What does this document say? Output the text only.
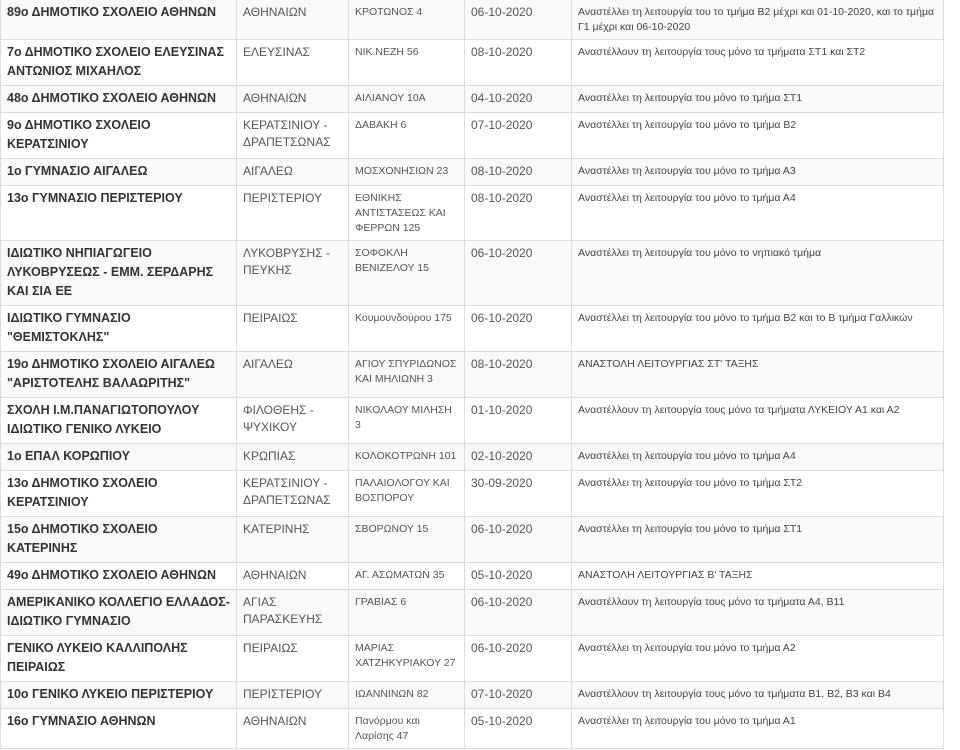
89ο ΔΗΜΟΤΙΚΟ ΣΧΟΛΕΙΟ ΑΘΗΝΩΝ	ΑΘΗΝΑΙΩΝ	ΚΡΟΤΩΝΟΣ 4	06-10-2020	Αναστέλλει τη λειτουργία του το τμήμα Β2 μέχρι και 01-10-2020, και το τμήμα Γ1 μέχρι και 06-10-2020
7ο ΔΗΜΟΤΙΚΟ ΣΧΟΛΕΙΟ ΕΛΕΥΣΙΝΑΣ ΑΝΤΩΝΙΟΣ ΜΙΧΑΗΛΟΣ	ΕΛΕΥΣΙΝΑΣ	ΝΙΚ.ΝΕΖΗ 56	08-10-2020	Αναστέλλουν τη λειτουργία τους μόνο τα τμήματα ΣΤ1 και ΣΤ2
48ο ΔΗΜΟΤΙΚΟ ΣΧΟΛΕΙΟ ΑΘΗΝΩΝ	ΑΘΗΝΑΙΩΝ	ΑΙΛΙΑΝΟΥ 10Α	04-10-2020	Αναστέλλει τη λειτουργία του μόνο το τμήμα ΣΤ1
9ο ΔΗΜΟΤΙΚΟ ΣΧΟΛΕΙΟ ΚΕΡΑΤΣΙΝΙΟΥ	ΚΕΡΑΤΣΙΝΙΟΥ - ΔΡΑΠΕΤΣΩΝΑΣ	ΔΑΒΑΚΗ 6	07-10-2020	Αναστέλλει τη λειτουργία του μόνο το τμήμα Β2
1ο ΓΥΜΝΑΣΙΟ ΑΙΓΑΛΕΩ	ΑΙΓΑΛΕΩ	ΜΟΣΧΟΝΗΣΙΩΝ 23	08-10-2020	Αναστέλλει τη λειτουργία του μόνο το τμήμα Α3
13ο ΓΥΜΝΑΣΙΟ ΠΕΡΙΣΤΕΡΙΟΥ	ΠΕΡΙΣΤΕΡΙΟΥ	ΕΘΝΙΚΗΣ ΑΝΤΙΣΤΑΣΕΩΣ ΚΑΙ ΦΕΡΡΩΝ 125	08-10-2020	Αναστέλλει τη λειτουργία του μόνο το τμήμα Α4
ΙΔΙΩΤΙΚΟ ΝΗΠΙΑΓΩΓΕΙΟ ΛΥΚΟΒΡΥΣΕΩΣ - ΕΜΜ. ΣΕΡΔΑΡΗΣ ΚΑΙ ΣΙΑ ΕΕ	ΛΥΚΟΒΡΥΣΗΣ - ΠΕΥΚΗΣ	ΣΟΦΟΚΛΗ ΒΕΝΙΖΕΛΟΥ 15	06-10-2020	Αναστέλλει τη λειτουργία του μόνο το νηπιακό τμήμα
ΙΔΙΩΤΙΚΟ ΓΥΜΝΑΣΙΟ "ΘΕΜΙΣΤΟΚΛΗΣ"	ΠΕΙΡΑΙΩΣ	Κουμουνδούρου 175	06-10-2020	Αναστέλλει τη λειτουργία του μόνο το τμήμα Β2 και το Β τμήμα Γαλλικών
19ο ΔΗΜΟΤΙΚΟ ΣΧΟΛΕΙΟ ΑΙΓΑΛΕΩ "ΑΡΙΣΤΟΤΕΛΗΣ ΒΑΛΑΩΡΙΤΗΣ"	ΑΙΓΑΛΕΩ	ΑΓΙΟΥ ΣΠΥΡΙΔΩΝΟΣ ΚΑΙ ΜΗΛΙΩΝΗ 3	08-10-2020	ΑΝΑΣΤΟΛΗ ΛΕΙΤΟΥΡΓΙΑΣ ΣΤ' ΤΑΞΗΣ
ΣΧΟΛΗ Ι.Μ.ΠΑΝΑΓΙΩΤΟΠΟΥΛΟΥ ΙΔΙΩΤΙΚΟ ΓΕΝΙΚΟ ΛΥΚΕΙΟ	ΦΙΛΟΘΕΗΣ - ΨΥΧΙΚΟΥ	ΝΙΚΟΛΑΟΥ ΜΙΛΗΣΗ 3	01-10-2020	Αναστέλλουν τη λειτουργία τους μόνο τα τμήματα ΛΥΚΕΙΟΥ Α1 και Α2
1ο ΕΠΑΛ ΚΟΡΩΠΙΟΥ	ΚΡΩΠΙΑΣ	ΚΟΛΟΚΟΤΡΩΝΗ 101	02-10-2020	Αναστέλλει τη λειτουργία του μόνο το τμήμα Α4
13ο ΔΗΜΟΤΙΚΟ ΣΧΟΛΕΙΟ ΚΕΡΑΤΣΙΝΙΟΥ	ΚΕΡΑΤΣΙΝΙΟΥ - ΔΡΑΠΕΤΣΩΝΑΣ	ΠΑΛΑΙΟΛΟΓΟΥ ΚΑΙ ΒΟΣΠΟΡΟΥ	30-09-2020	Αναστέλλει τη λειτουργία του μόνο το τμήμα ΣΤ2
15ο ΔΗΜΟΤΙΚΟ ΣΧΟΛΕΙΟ ΚΑΤΕΡΙΝΗΣ	ΚΑΤΕΡΙΝΗΣ	ΣΒΟΡΩΝΟΥ 15	06-10-2020	Αναστέλλει τη λειτουργία του μόνο το τμήμα ΣΤ1
49ο ΔΗΜΟΤΙΚΟ ΣΧΟΛΕΙΟ ΑΘΗΝΩΝ	ΑΘΗΝΑΙΩΝ	ΑΓ. ΑΣΩΜΑΤΩΝ 35	05-10-2020	ΑΝΑΣΤΟΛΗ ΛΕΙΤΟΥΡΓΙΑΣ Β' ΤΑΞΗΣ
ΑΜΕΡΙΚΑΝΙΚΟ ΚΟΛΛΕΓΙΟ ΕΛΛΑΔΟΣ-ΙΔΙΩΤΙΚΟ ΓΥΜΝΑΣΙΟ	ΑΓΙΑΣ ΠΑΡΑΣΚΕΥΗΣ	ΓΡΑΒΙΑΣ 6	06-10-2020	Αναστέλλουν τη λειτουργία τους μόνο τα τμήματα Α4, Β11
ΓΕΝΙΚΟ ΛΥΚΕΙΟ ΚΑΛΛΙΠΟΛΗΣ ΠΕΙΡΑΙΩΣ	ΠΕΙΡΑΙΩΣ	ΜΑΡΙΑΣ ΧΑΤΖΗΚΥΡΙΑΚΟΥ 27	06-10-2020	Αναστέλλει τη λειτουργία του μόνο το τμήμα Α2
10ο ΓΕΝΙΚΟ ΛΥΚΕΙΟ ΠΕΡΙΣΤΕΡΙΟΥ	ΠΕΡΙΣΤΕΡΙΟΥ	ΙΩΑΝΝΙΝΩΝ 82	07-10-2020	Αναστέλλουν τη λειτουργία τους μόνο τα τμήματα Β1, Β2, Β3 και Β4
16ο ΓΥΜΝΑΣΙΟ ΑΘΗΝΩΝ	ΑΘΗΝΑΙΩΝ	Πανόρμου και Λαρίσης 47	05-10-2020	Αναστέλλει τη λειτουργία του μόνο το τμήμα Α1
